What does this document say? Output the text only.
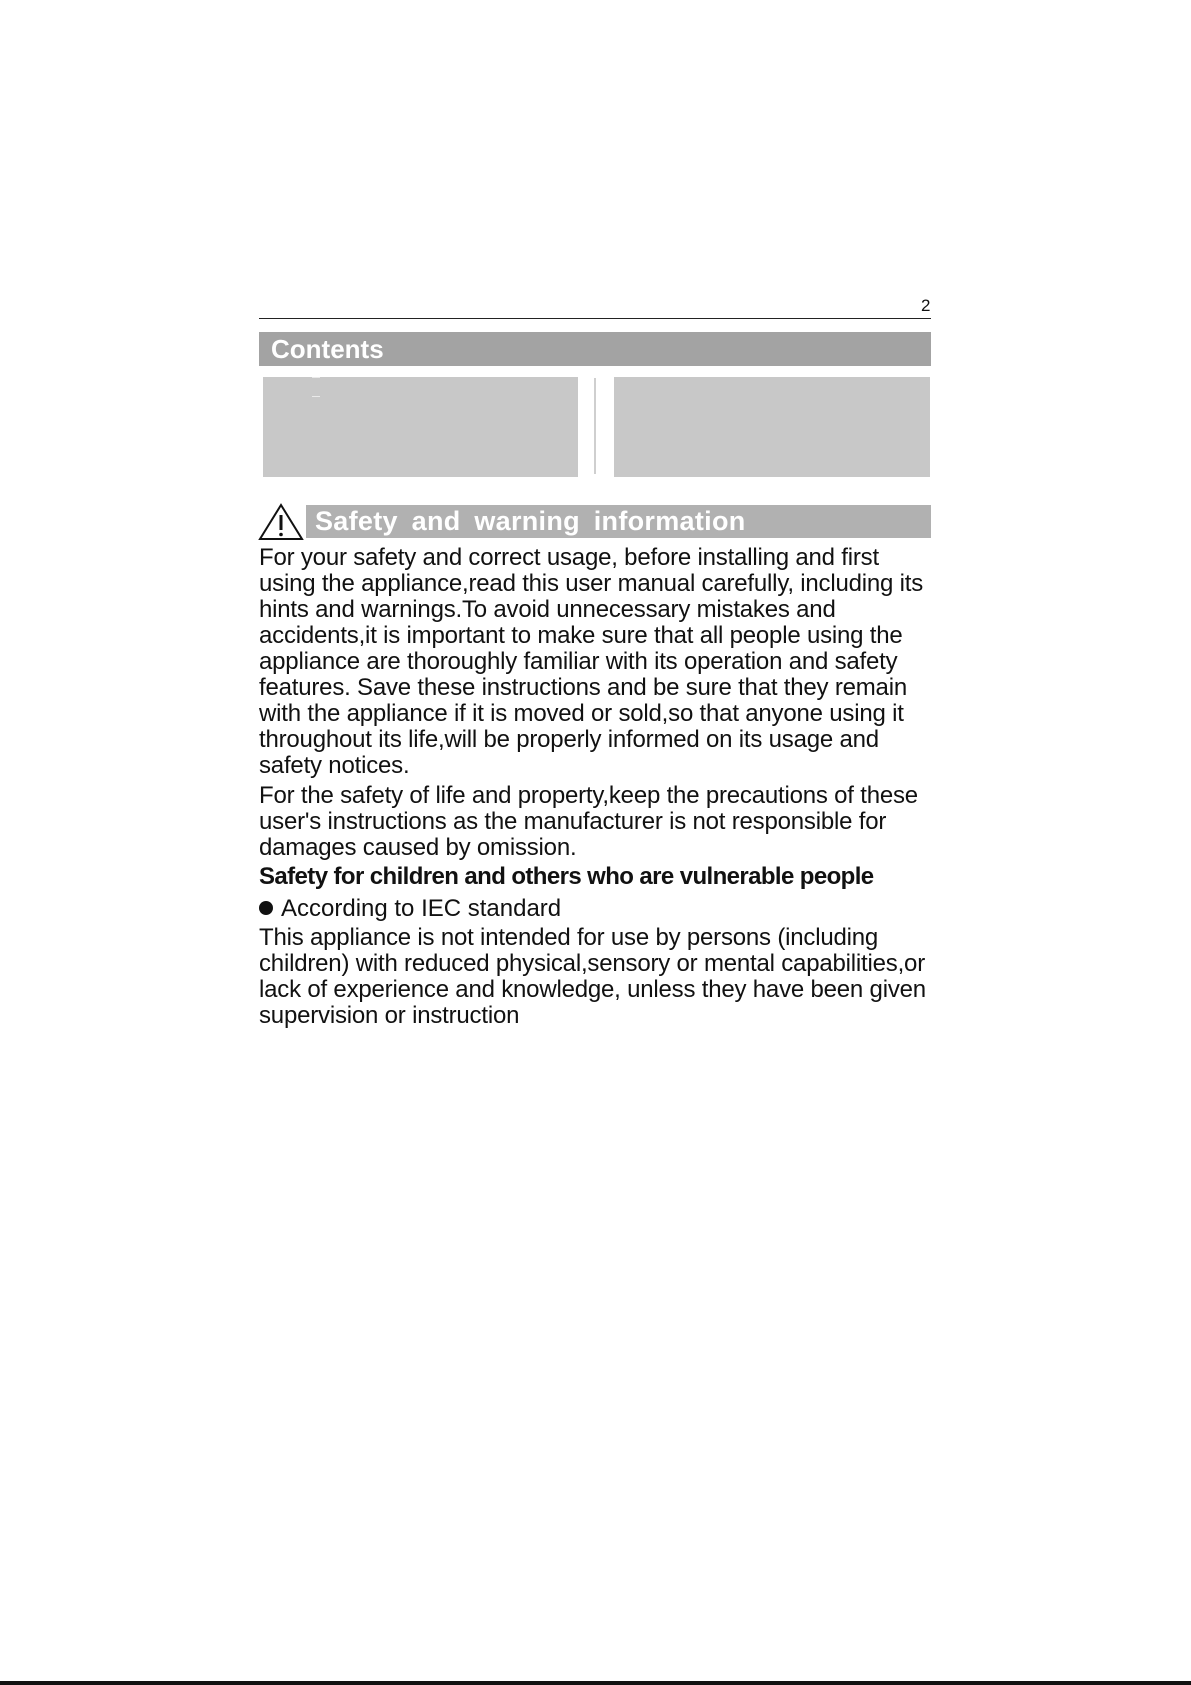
2
Contents
Safety and warning information

For your safety and correct usage, before installing and first using the appliance,read this user manual carefully, including its hints and warnings.To avoid unnecessary mistakes and accidents,it is important to make sure that all people using the appliance are thoroughly familiar with its operation and safety features. Save these instructions and be sure that they remain with the appliance if it is moved or sold,so that anyone using it throughout its life,will be properly informed on its usage and safety notices.

For the safety of life and property,keep the precautions of these user's instructions as the manufacturer is not responsible for damages caused by omission.

Safety for children and others who are vulnerable people

According to IEC standard

This appliance is not intended for use by persons (including children) with reduced physical,sensory or mental capabilities,or lack of experience and knowledge, unless they have been given supervision or instruction
